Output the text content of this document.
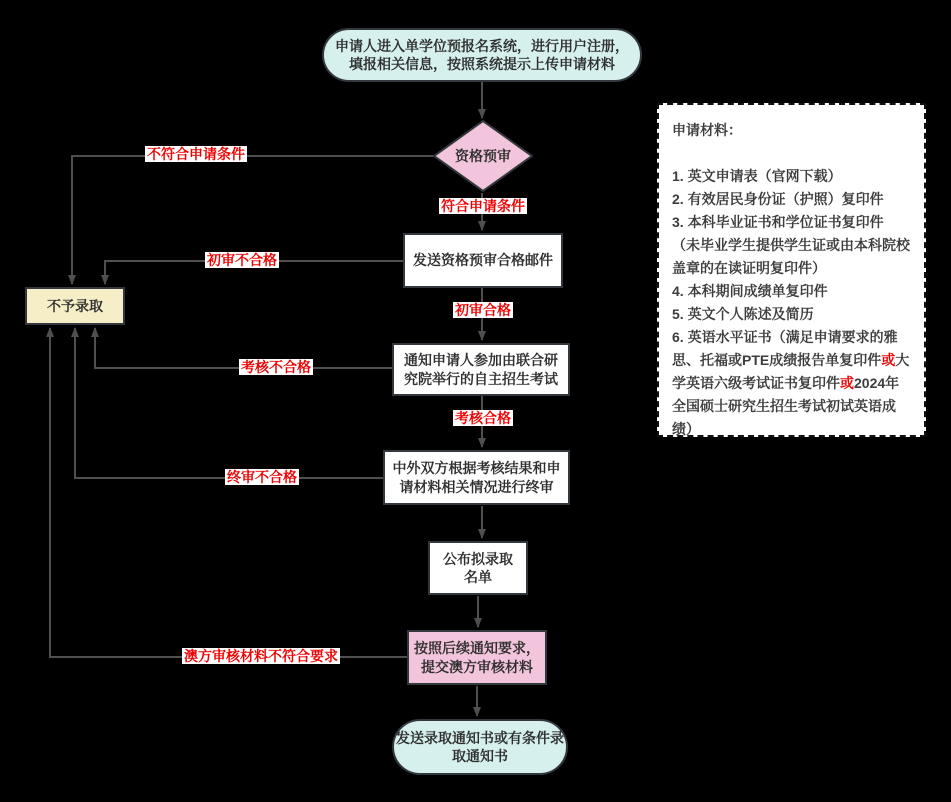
申请人进入单学位预报名系统，进行用户注册，填报相关信息，按照系统提示上传申请材料
资格预审
不予录取
发送资格预审合格邮件
通知申请人参加由联合研究院举行的自主招生考试
中外双方根据考核结果和申请材料相关情况进行终审
公布拟录取名单
按照后续通知要求，提交澳方审核材料
发送录取通知书或有条件录取通知书
不符合申请条件
符合申请条件
初审不合格
初审合格
考核不合格
考核合格
终审不合格
澳方审核材料不符合要求
申请材料：
1. 英文申请表（官网下载）
2. 有效居民身份证（护照）复印件
3. 本科毕业证书和学位证书复印件（未毕业学生提供学生证或由本科院校盖章的在读证明复印件）
4. 本科期间成绩单复印件
5. 英文个人陈述及简历
6. 英语水平证书（满足申请要求的雅思、托福或PTE成绩报告单复印件或大学英语六级考试证书复印件或2024年全国硕士研究生招生考试初试英语成绩）
